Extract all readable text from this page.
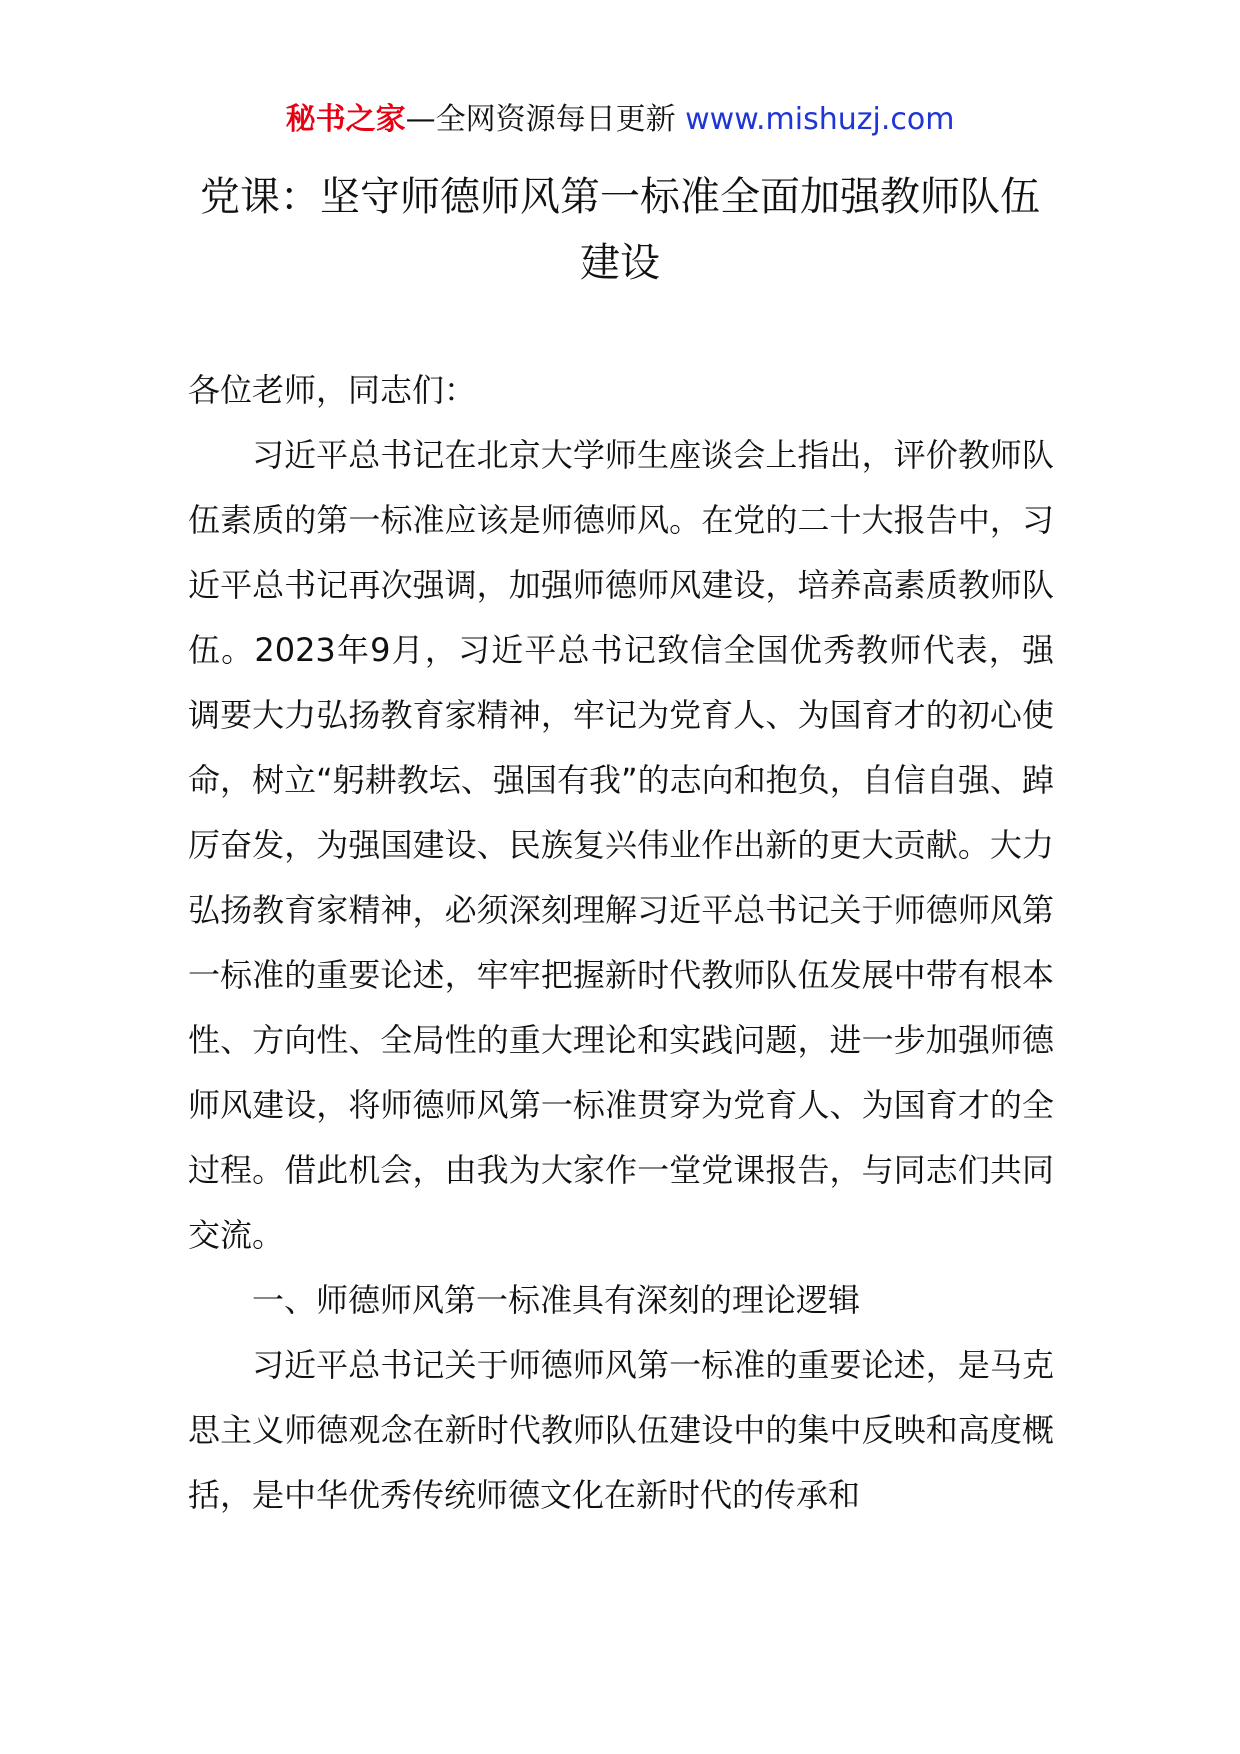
秘书之家—全网资源每日更新 www.mishuzj.com
党课：坚守师德师风第一标准全面加强教师队伍建设

各位老师，同志们：

习近平总书记在北京大学师生座谈会上指出，评价教师队伍素质的第一标准应该是师德师风。在党的二十大报告中，习近平总书记再次强调，加强师德师风建设，培养高素质教师队伍。2023年9月，习近平总书记致信全国优秀教师代表，强调要大力弘扬教育家精神，牢记为党育人、为国育才的初心使命，树立“躬耕教坛、强国有我”的志向和抱负，自信自强、踔厉奋发，为强国建设、民族复兴伟业作出新的更大贡献。大力弘扬教育家精神，必须深刻理解习近平总书记关于师德师风第一标准的重要论述，牢牢把握新时代教师队伍发展中带有根本性、方向性、全局性的重大理论和实践问题，进一步加强师德师风建设，将师德师风第一标准贯穿为党育人、为国育才的全过程。借此机会，由我为大家作一堂党课报告，与同志们共同交流。

一、师德师风第一标准具有深刻的理论逻辑

习近平总书记关于师德师风第一标准的重要论述，是马克思主义师德观念在新时代教师队伍建设中的集中反映和高度概括，是中华优秀传统师德文化在新时代的传承和
